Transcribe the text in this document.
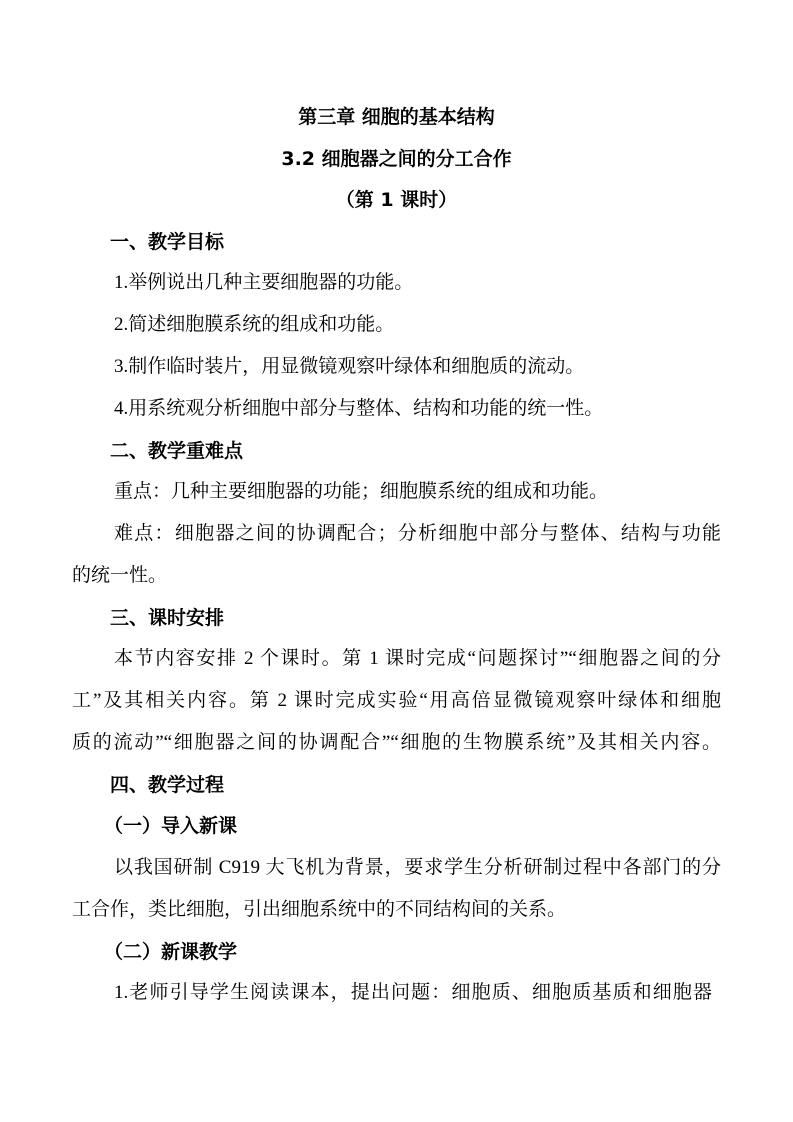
第三章 细胞的基本结构
3.2 细胞器之间的分工合作
（第 1 课时）
一、教学目标
1.举例说出几种主要细胞器的功能。
2.简述细胞膜系统的组成和功能。
3.制作临时装片，用显微镜观察叶绿体和细胞质的流动。
4.用系统观分析细胞中部分与整体、结构和功能的统一性。
二、教学重难点
重点：几种主要细胞器的功能；细胞膜系统的组成和功能。
难点：细胞器之间的协调配合；分析细胞中部分与整体、结构与功能
的统一性。
三、课时安排
本节内容安排 2 个课时。第 1 课时完成“问题探讨”“细胞器之间的分
工”及其相关内容。第 2 课时完成实验“用高倍显微镜观察叶绿体和细胞
质的流动”“细胞器之间的协调配合”“细胞的生物膜系统”及其相关内容。
四、教学过程
（一）导入新课
以我国研制 C919 大飞机为背景，要求学生分析研制过程中各部门的分
工合作，类比细胞，引出细胞系统中的不同结构间的关系。
（二）新课教学
1.老师引导学生阅读课本，提出问题：细胞质、细胞质基质和细胞器
